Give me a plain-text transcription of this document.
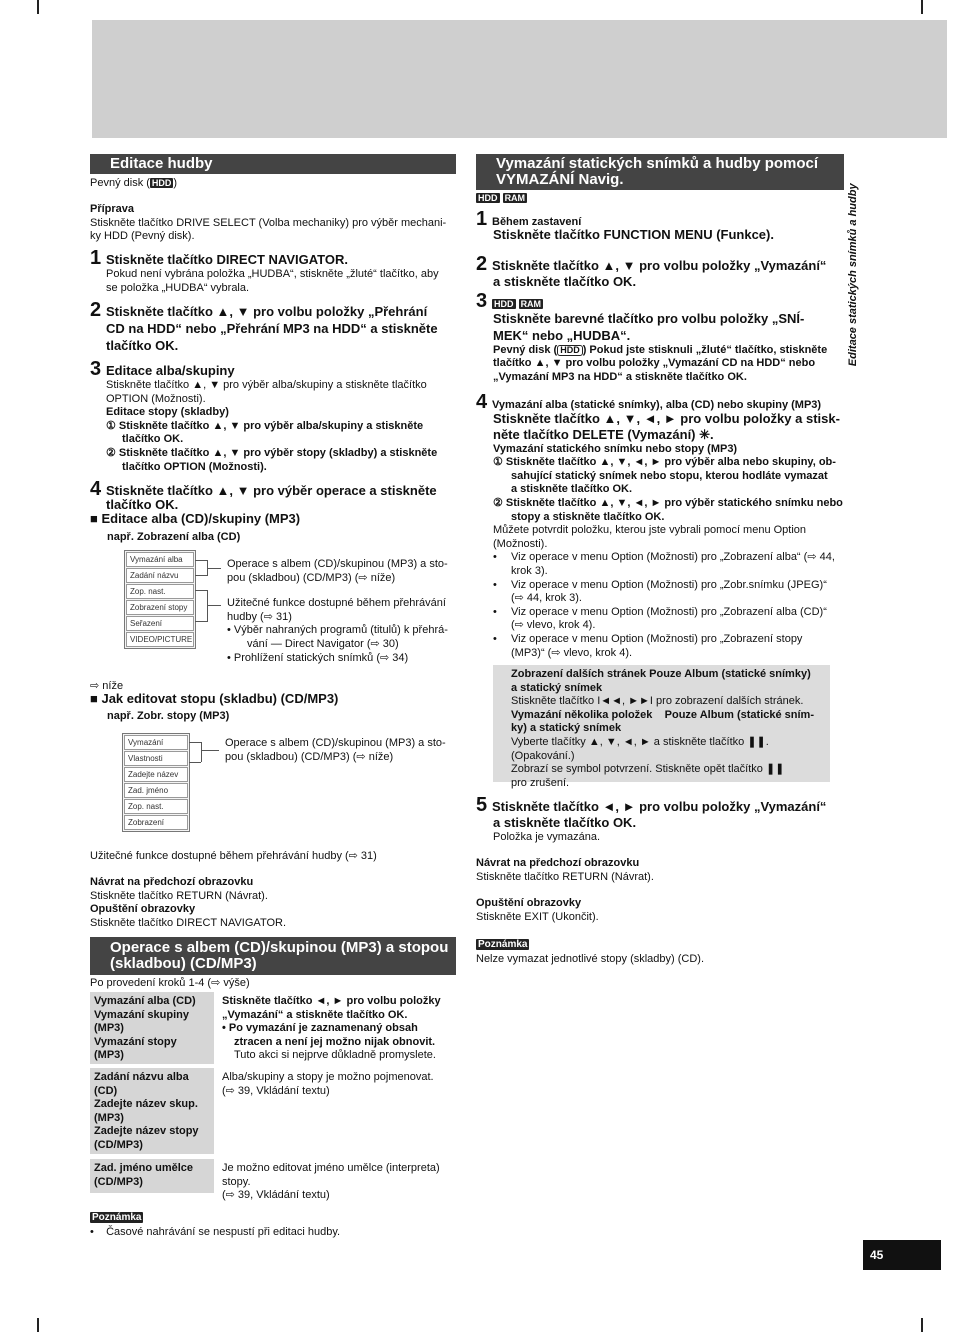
Editace statických snímků a hudby
Editace hudby
Pevný disk ( HDD )
Příprava
Stiskněte tlačítko DRIVE SELECT (Volba mechaniky) pro výběr mechani-
ky HDD (Pevný disk).
1 Stiskněte tlačítko DIRECT NAVIGATOR.
Pokud není vybrána položka „HUDBA“, stiskněte „žluté“ tlačítko, aby
se položka „HUDBA“ vybrala.
2 Stiskněte tlačítko ▲, ▼ pro volbu položky „Přehrání
CD na HDD“ nebo „Přehrání MP3 na HDD“ a stiskněte
tlačítko OK.
3 Editace alba/skupiny
Stiskněte tlačítko ▲, ▼ pro výběr alba/skupiny a stiskněte tlačítko
OPTION (Možnosti).
Editace stopy (skladby)
① Stiskněte tlačítko ▲, ▼ pro výběr alba/skupiny a stiskněte
tlačítko OK.
② Stiskněte tlačítko ▲, ▼ pro výběr stopy (skladby) a stiskněte
tlačítko OPTION (Možnosti).
4 Stiskněte tlačítko ▲, ▼ pro výběr operace a stiskněte
tlačítko OK.
■ Editace alba (CD)/skupiny (MP3)
např. Zobrazení alba (CD)
Vymazání alba
Zadání názvu
Zop. nast.
Zobrazení stopy
Seřazení
VIDEO/PICTURE
Operace s albem (CD)/skupinou (MP3) a sto-
pou (skladbou) (CD/MP3) (⇨ níže)
Užitečné funkce dostupné během přehrávání
hudby (⇨ 31)
• Výběr nahraných programů (titulů) k přehrá-
vání — Direct Navigator (⇨ 30)
• Prohlížení statických snímků (⇨ 34)
⇨ níže
■ Jak editovat stopu (skladbu) (CD/MP3)
např. Zobr. stopy (MP3)
Vymazání
Vlastnosti
Zadejte název
Zad. jméno
Zop. nast.
Zobrazení
Operace s albem (CD)/skupinou (MP3) a sto-
pou (skladbou) (CD/MP3) (⇨ níže)
Užitečné funkce dostupné během přehrávání hudby (⇨ 31)
Návrat na předchozí obrazovku
Stiskněte tlačítko RETURN (Návrat).
Opuštění obrazovky
Stiskněte tlačítko DIRECT NAVIGATOR.
Operace s albem (CD)/skupinou (MP3) a stopou
(skladbou) (CD/MP3)
Po provedení kroků 1-4 (⇨ výše)
Vymazání alba (CD)
Vymazání skupiny
(MP3)
Vymazání stopy
(MP3)
Stiskněte tlačítko ◄, ► pro volbu položky
„Vymazání“ a stiskněte tlačítko OK.
• Po vymazání je zaznamenaný obsah
ztracen a není jej možno nijak obnovit.
Tuto akci si nejprve důkladně promyslete.
Zadání názvu alba
(CD)
Zadejte název skup.
(MP3)
Zadejte název stopy
(CD/MP3)
Alba/skupiny a stopy je možno pojmenovat.
(⇨ 39, Vkládání textu)
Zad. jméno umělce
(CD/MP3)
Je možno editovat jméno umělce (interpreta)
stopy.
(⇨ 39, Vkládání textu)
Poznámka
•    Časové nahrávání se nespustí při editaci hudby.
Vymazání statických snímků a hudby pomocí
VYMAZÁNÍ Navig.
HDD RAM
1 Během zastavení
Stiskněte tlačítko FUNCTION MENU (Funkce).
2 Stiskněte tlačítko ▲, ▼ pro volbu položky „Vymazání“
a stiskněte tlačítko OK.
3 HDD RAM
Stiskněte barevné tlačítko pro volbu položky „SNÍ-
MEK“ nebo „HUDBA“.
Pevný disk ( HDD ) Pokud jste stisknuli „žluté“ tlačítko, stiskněte
tlačítko ▲, ▼ pro volbu položky „Vymazání CD na HDD“ nebo
„Vymazání MP3 na HDD“ a stiskněte tlačítko OK.
4 Vymazání alba (statické snímky), alba (CD) nebo skupiny (MP3)
Stiskněte tlačítko ▲, ▼, ◄, ► pro volbu položky a stisk-
něte tlačítko DELETE (Vymazání) ✳.
Vymazání statického snímku nebo stopy (MP3)
① Stiskněte tlačítko ▲, ▼, ◄, ► pro výběr alba nebo skupiny, ob-
sahující statický snímek nebo stopu, kterou hodláte vymazat
a stiskněte tlačítko OK.
② Stiskněte tlačítko ▲, ▼, ◄, ► pro výběr statického snímku nebo
stopy a stiskněte tlačítko OK.
Můžete potvrdit položku, kterou jste vybrali pomocí menu Option
(Možnosti).
•	Viz operace v menu Option (Možnosti) pro „Zobrazení alba“ (⇨ 44,
krok 3).
•	Viz operace v menu Option (Možnosti) pro „Zobr.snímku (JPEG)“
(⇨ 44, krok 3).
•	Viz operace v menu Option (Možnosti) pro „Zobrazení alba (CD)“
(⇨ vlevo, krok 4).
•	Viz operace v menu Option (Možnosti) pro „Zobrazení stopy
(MP3)“ (⇨ vlevo, krok 4).
Zobrazení dalších stránek Pouze Album (statické snímky)
a statický snímek
Stiskněte tlačítko I◄◄, ►►I pro zobrazení dalších stránek.
Vymazání několika položek Pouze Album (statické sním-
ky) a statický snímek
Vyberte tlačítky ▲, ▼, ◄, ► a stiskněte tlačítko ❚❚. (Opakování.)
Zobrazí se symbol potvrzení. Stiskněte opět tlačítko ❚❚
pro zrušení.
5 Stiskněte tlačítko ◄, ► pro volbu položky „Vymazání“
a stiskněte tlačítko OK.
Položka je vymazána.
Návrat na předchozí obrazovku
Stiskněte tlačítko RETURN (Návrat).
Opuštění obrazovky
Stiskněte EXIT (Ukončit).
Poznámka
Nelze vymazat jednotlivé stopy (skladby) (CD).
45
